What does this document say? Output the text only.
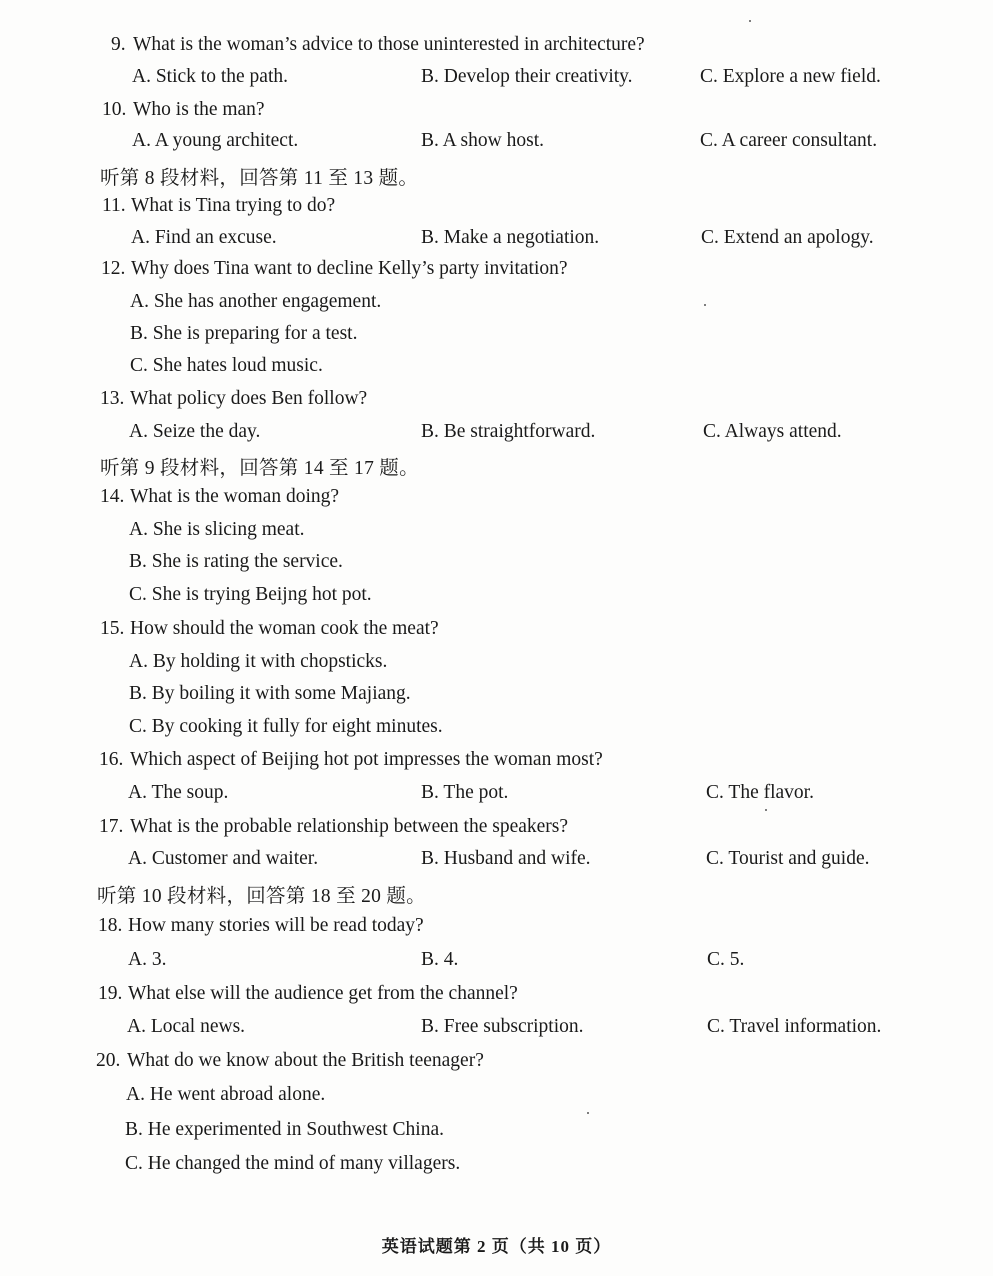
9. What is the woman’s advice to those uninterested in architecture?
A. Stick to the path.	B. Develop their creativity.	C. Explore a new field.
10. Who is the man?
A. A young architect.	B. A show host.	C. A career consultant.
听第 8 段材料，回答第 11 至 13 题。
11. What is Tina trying to do?
A. Find an excuse.	B. Make a negotiation.	C. Extend an apology.
12. Why does Tina want to decline Kelly’s party invitation?
A. She has another engagement.
B. She is preparing for a test.
C. She hates loud music.
13. What policy does Ben follow?
A. Seize the day.	B. Be straightforward.	C. Always attend.
听第 9 段材料，回答第 14 至 17 题。
14. What is the woman doing?
A. She is slicing meat.
B. She is rating the service.
C. She is trying Beijng hot pot.
15. How should the woman cook the meat?
A. By holding it with chopsticks.
B. By boiling it with some Majiang.
C. By cooking it fully for eight minutes.
16. Which aspect of Beijing hot pot impresses the woman most?
A. The soup.	B. The pot.	C. The flavor.
17. What is the probable relationship between the speakers?
A. Customer and waiter.	B. Husband and wife.	C. Tourist and guide.
听第 10 段材料，回答第 18 至 20 题。
18. How many stories will be read today?
A. 3.	B. 4.	C. 5.
19. What else will the audience get from the channel?
A. Local news.	B. Free subscription.	C. Travel information.
20. What do we know about the British teenager?
A. He went abroad alone.
B. He experimented in Southwest China.
C. He changed the mind of many villagers.
英语试题第 2 页（共 10 页）
